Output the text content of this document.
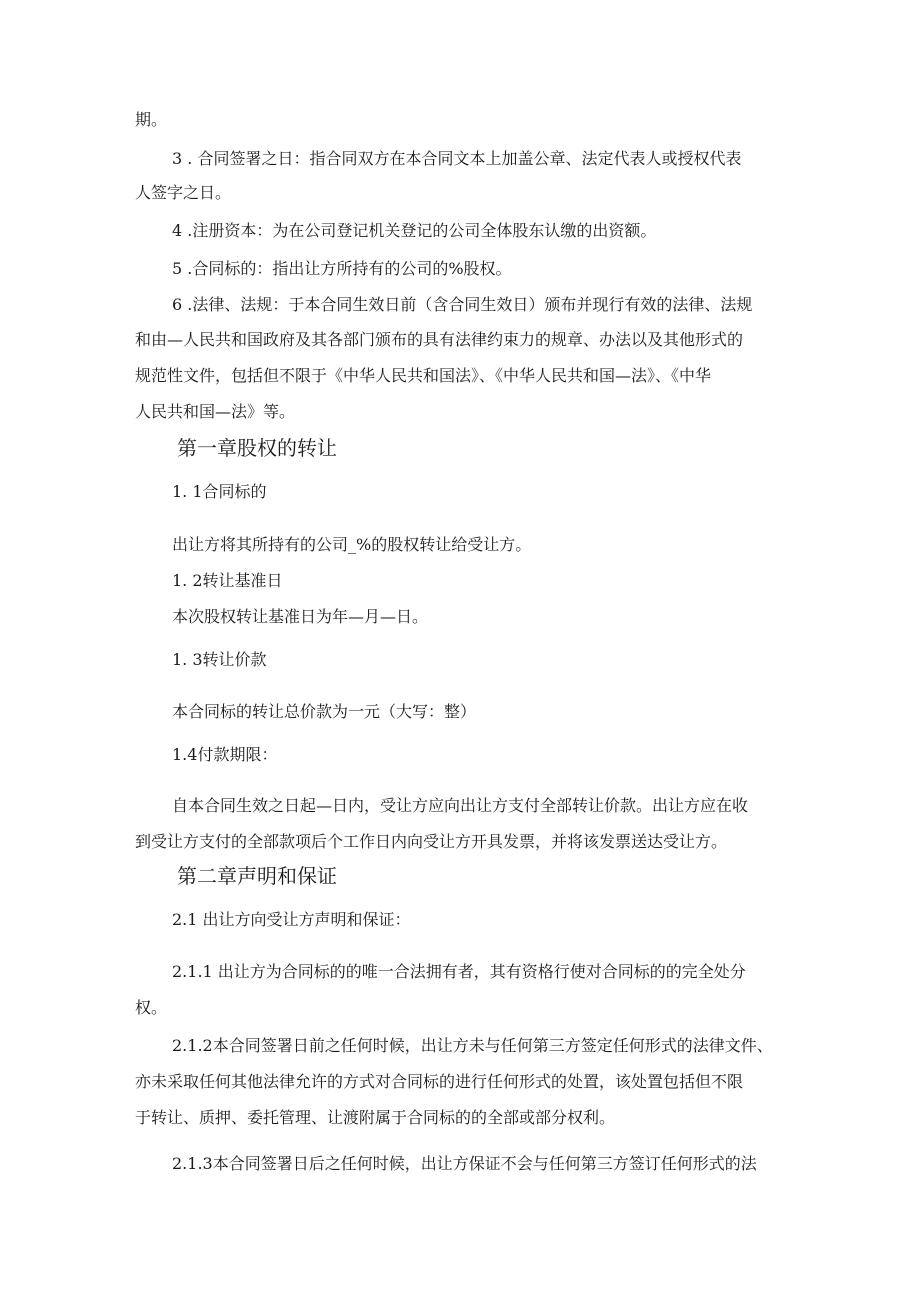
期。

3 . 合同签署之日：指合同双方在本合同文本上加盖公章、法定代表人或授权代表

人签字之日。

4 .注册资本：为在公司登记机关登记的公司全体股东认缴的出资额。

5 .合同标的：指出让方所持有的公司的%股权。

6 .法律、法规：于本合同生效日前（含合同生效日）颁布并现行有效的法律、法规

和由—人民共和国政府及其各部门颁布的具有法律约束力的规章、办法以及其他形式的

规范性文件，包括但不限于《中华人民共和国法》、《中华人民共和国—法》、《中华

人民共和国—法》等。

第一章股权的转让

1. 1合同标的

出让方将其所持有的公司_%的股权转让给受让方。

1. 2转让基准日

本次股权转让基准日为年—月—日。

1. 3转让价款

本合同标的转让总价款为一元（大写：整）

1.4付款期限：

自本合同生效之日起—日内，受让方应向出让方支付全部转让价款。出让方应在收

到受让方支付的全部款项后个工作日内向受让方开具发票，并将该发票送达受让方。

第二章声明和保证

2.1 出让方向受让方声明和保证：

2.1.1 出让方为合同标的的唯一合法拥有者，其有资格行使对合同标的的完全处分

权。

2.1.2本合同签署日前之任何时候，出让方未与任何第三方签定任何形式的法律文件、

亦未采取任何其他法律允许的方式对合同标的进行任何形式的处置，该处置包括但不限

于转让、质押、委托管理、让渡附属于合同标的的全部或部分权利。

2.1.3本合同签署日后之任何时候，出让方保证不会与任何第三方签订任何形式的法
